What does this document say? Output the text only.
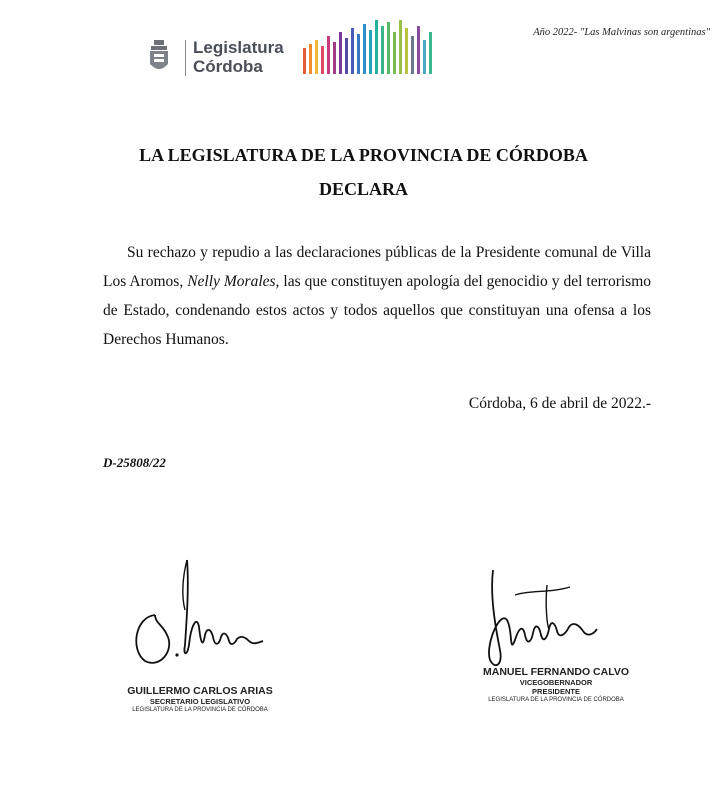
Año 2022- "Las Malvinas son argentinas"
Legislatura
Córdoba
LA LEGISLATURA DE LA PROVINCIA DE CÓRDOBA
DECLARA
Su rechazo y repudio a las declaraciones públicas de la Presidente comunal de Villa Los Aromos, Nelly Morales, las que constituyen apología del genocidio y del terrorismo de Estado, condenando estos actos y todos aquellos que constituyan una ofensa a los Derechos Humanos.
Córdoba, 6 de abril de 2022.-
D-25808/22
GUILLERMO CARLOS ARIAS
SECRETARIO LEGISLATIVO
LEGISLATURA DE LA PROVINCIA DE CÓRDOBA
MANUEL FERNANDO CALVO
VICEGOBERNADOR
PRESIDENTE
LEGISLATURA DE LA PROVINCIA DE CÓRDOBA
